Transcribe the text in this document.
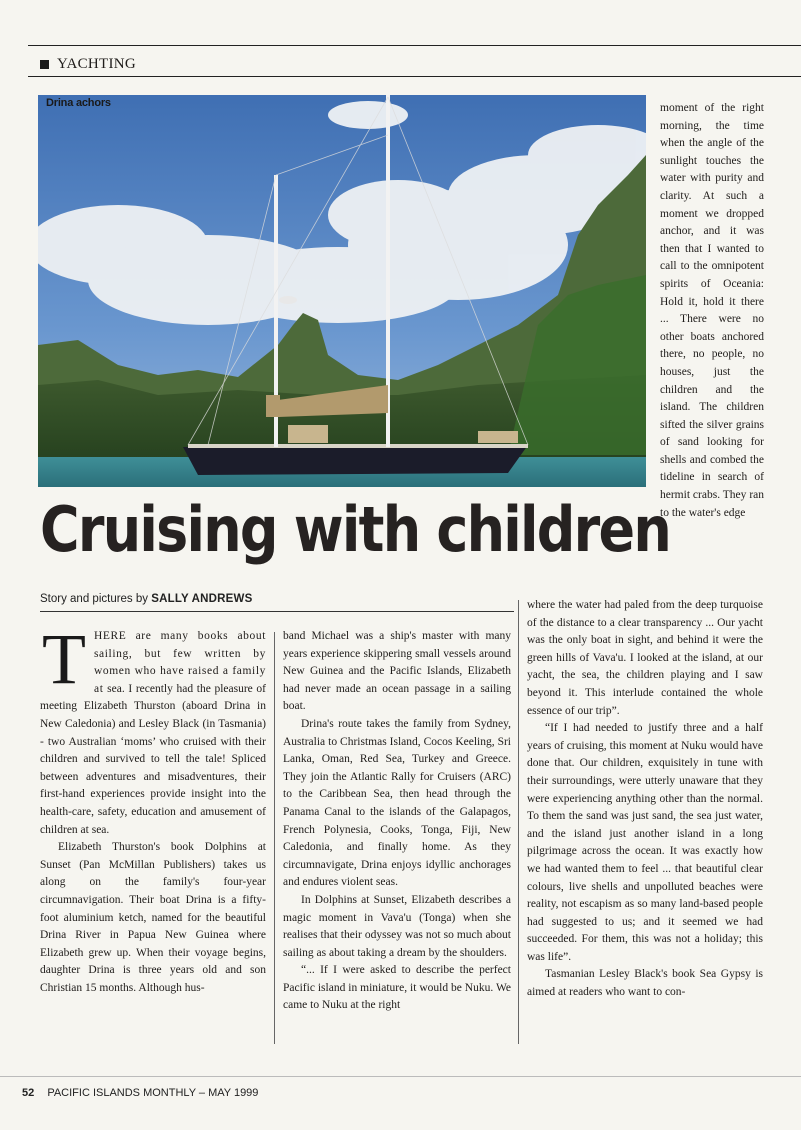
YACHTING
Drina achors	moment of the right morning, the time when the angle of the sunlight touches the water with purity and clarity. At such a moment we dropped anchor, and it was then that I wanted to call to the omnipotent spirits of Oceania: Hold it, hold it there ... There were no other boats anchored there, no people, no houses, just the children and the island. The children sifted the silver grains of sand looking for shells and combed the tideline in search of hermit crabs. They ran to the water's edge

Cruising with children
Story and pictures by SALLY ANDREWS
T HERE are many books about sailing, but few written by women who have raised a family at sea. I recently had the pleasure of meeting Elizabeth Thurston (aboard Drina in New Caledonia) and Lesley Black (in Tasmania) - two Australian ‘moms’ who cruised with their children and survived to tell the tale! Spliced between adventures and misadventures, their first-hand experiences provide insight into the health-care, safety, education and amusement of children at sea.

Elizabeth Thurston's book Dolphins at Sunset (Pan McMillan Publishers) takes us along on the family's four-year circumnavigation. Their boat Drina is a fifty-foot aluminium ketch, named for the beautiful Drina River in Papua New Guinea where Elizabeth grew up. When their voyage begins, daughter Drina is three years old and son Christian 15 months. Although hus-

band Michael was a ship's master with many years experience skippering small vessels around New Guinea and the Pacific Islands, Elizabeth had never made an ocean passage in a sailing boat.

Drina's route takes the family from Sydney, Australia to Christmas Island, Cocos Keeling, Sri Lanka, Oman, Red Sea, Turkey and Greece. They join the Atlantic Rally for Cruisers (ARC) to the Caribbean Sea, then head through the Panama Canal to the islands of the Galapagos, French Polynesia, Cooks, Tonga, Fiji, New Caledonia, and finally home. As they circumnavigate, Drina enjoys idyllic anchorages and endures violent seas.

In Dolphins at Sunset, Elizabeth describes a magic moment in Vava'u (Tonga) when she realises that their odyssey was not so much about sailing as about taking a dream by the shoulders.

“... If I were asked to describe the perfect Pacific island in miniature, it would be Nuku. We came to Nuku at the right

where the water had paled from the deep turquoise of the distance to a clear transparency ... Our yacht was the only boat in sight, and behind it were the green hills of Vava'u. I looked at the island, at our yacht, the sea, the children playing and I saw beyond it. This interlude contained the whole essence of our trip”.

“If I had needed to justify three and a half years of cruising, this moment at Nuku would have done that. Our children, exquisitely in tune with their surroundings, were utterly unaware that they were experiencing anything other than the normal. To them the sand was just sand, the sea just water, and the island just another island in a long pilgrimage across the ocean. It was exactly how we had wanted them to feel ... that beautiful clear colours, live shells and unpolluted beaches were reality, not escapism as so many land-based people had suggested to us; and it seemed we had succeeded. For them, this was not a holiday; this was life”.

Tasmanian Lesley Black's book Sea Gypsy is aimed at readers who want to con-

52 PACIFIC ISLANDS MONTHLY – MAY 1999
